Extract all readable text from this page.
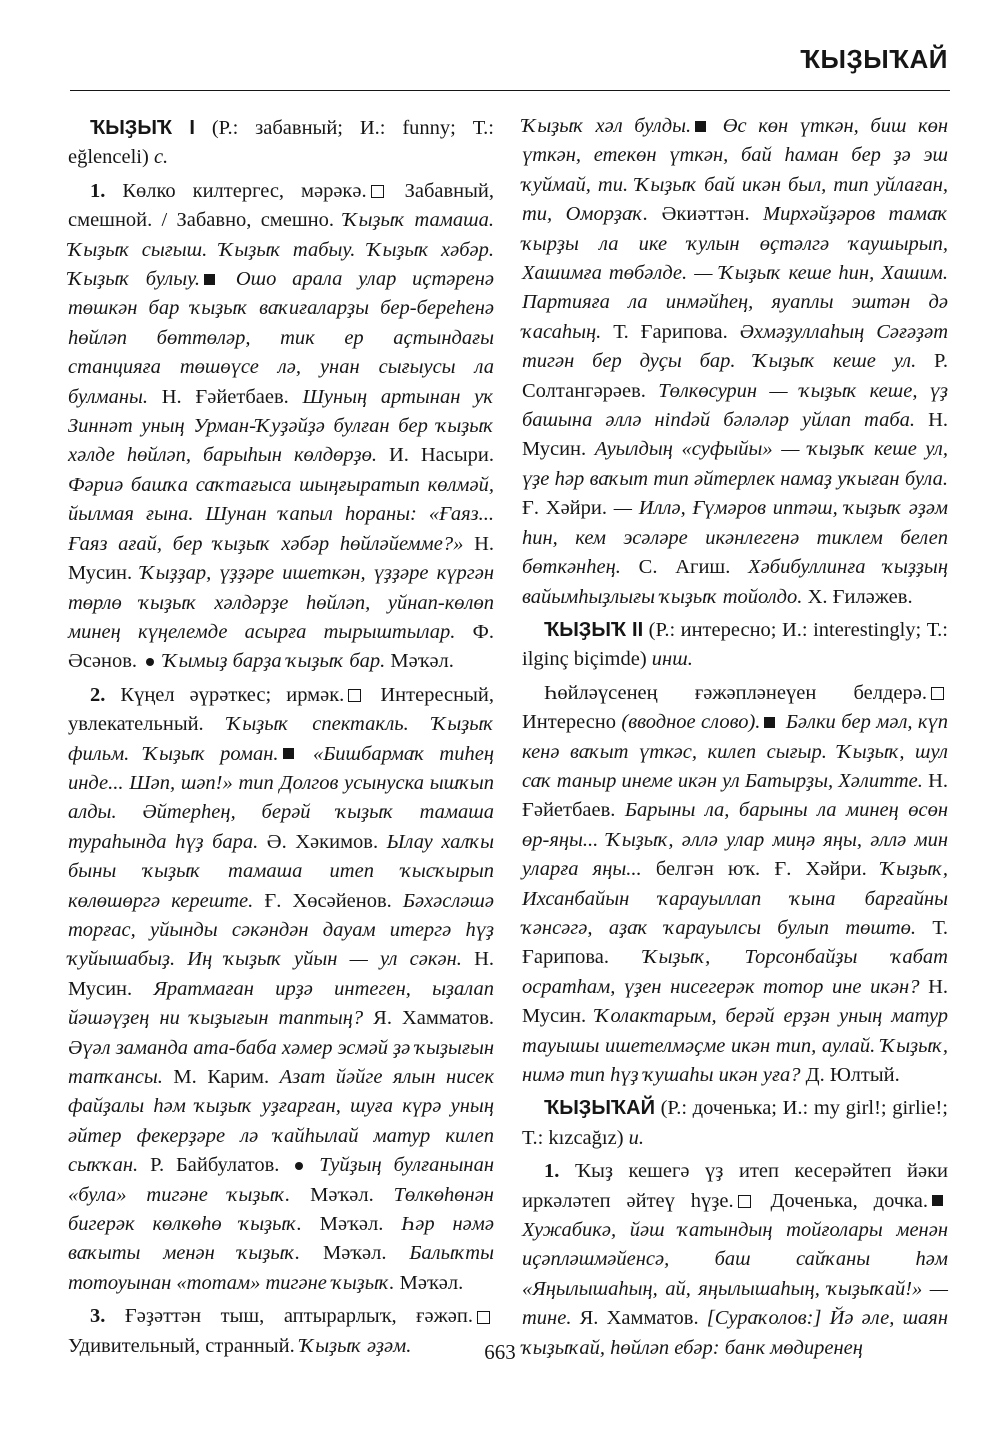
ҠЫҘЫҠАЙ

ҠЫҘЫҠ I (Р.: забавный; И.: funny; Т.: eğlenceli) с.

1. Көлко килтергес, мәрәкә. Забавный, смешной. / Забавно, смешно. Ҡыҙыҡ тамаша. Ҡыҙыҡ сығыш. Ҡыҙыҡ табыу. Ҡыҙыҡ хәбәр. Ҡыҙыҡ булыу. Ошо арала улар иҫтәренә төшкән бар ҡыҙыҡ ваҡиғаларҙы бер-береһенә һөйләп бөттөләр, тик ер аҫтындағы станцияға төшөүсе лә, унан сығыусы ла булманы. Н. Ғәйетбаев. Шуның артынан уҡ Зиннәт уның Урман-Ҡуҙәйҙә булған бер ҡыҙыҡ хәлде һөйләп, барыһын көлдөрҙө. И. Насыри. Фәриә башҡа саҡтағыса шыңғыратып көлмәй, йылмая ғына. Шунан ҡапыл һораны: «Ғаяз... Ғаяз ағай, бер ҡыҙыҡ хәбәр һөйләйемме?» Н. Мусин. Ҡыҙҙар, үҙҙәре ишеткән, үҙҙәре күргән төрлө ҡыҙыҡ хәлдәрҙе һөйләп, уйнап-көлөп минең күңелемде асырға тырыштылар. Ф. Әсәнов.  Ҡымыҙ барҙа ҡыҙыҡ бар. Мәҡәл.

2. Күңел әүрәткес; ирмәк. Интересный, увлекательный. Ҡыҙыҡ спектакль. Ҡыҙыҡ фильм. Ҡыҙыҡ роман. «Бишбармаҡ тиһең инде... Шәп, шәп!» тип Долгов усынуска ышҡып алды. Әйтерһең, берәй ҡыҙыҡ тамаша тураһында һүҙ бара. Ә. Хәкимов. Ылау халҡы быны ҡыҙыҡ тамаша итеп ҡысҡырып көлөшөргә кереште. Ғ. Хөсәйенов. Бәхәсләшә торғас, уйынды сәкәндән дауам итергә һүҙ ҡуйышабыҙ. Иң ҡыҙыҡ уйын — ул сәкән. Н. Мусин. Яратмаған ирҙә интеген, ыҙалап йәшәүҙең ни ҡыҙығын таптың? Я. Хамматов. Әүәл заманда ата-баба хәмер эсмәй ҙә ҡыҙығын тапҡансы. М. Карим. Азат йәйге ялын нисек файҙалы һәм ҡыҙыҡ уҙғарған, шуға күрә уның әйтер фекерҙәре лә ҡайһылай матур килеп сыҡҡан. Р. Байбулатов.  Туйҙың булғанынан «була» тигәне ҡыҙыҡ. Мәҡәл. Төлкөһөнән бигерәк көлкөһө ҡыҙыҡ. Мәҡәл. Һәр нәмә ваҡыты менән ҡыҙыҡ. Мәҡәл. Балыҡты тотоуынан «тотам» тигәне ҡыҙыҡ. Мәҡәл.

3. Ғәҙәттән тыш, аптырарлыҡ, ғәжәп. Удивительный, странный. Ҡыҙыҡ әҙәм.

Ҡыҙыҡ хәл булды. Өс көн үткән, биш көн үткән, етекөн үткән, бай һаман бер ҙә эш ҡуймай, ти. Ҡыҙыҡ бай икән был, тип уйлаған, ти, Оморҙаҡ. Әкиәттән. Мирхәйҙәров тамаҡ ҡырҙы ла ике ҡулын өҫтәлгә ҡаушырып, Хашимға төбәлде. — Ҡыҙыҡ кеше һин, Хашим. Партияға ла инмәйһең, яуаплы эштән дә ҡасаһың. Т. Ғарипова. Әхмәҙуллаһың Сәғәҙәт тигән бер дуҫы бар. Ҡыҙыҡ кеше ул. Р. Солтангәрәев. Төлкөсурин — ҡыҙыҡ кеше, үҙ башына әллә нindәй бәләләр уйлап таба. Н. Мусин. Ауылдың «суфыйы» — ҡыҙыҡ кеше ул, үҙе һәр ваҡыт тип әйтерлек намаҙ уҡыған була. Ғ. Хәйри. — Иллә, Ғүмәров иптәш, ҡыҙыҡ әҙәм һин, кем эсәләре икәнлегенә тиклем белеп бөткәнһең. С. Агиш. Хәбибуллинға ҡыҙҙың вайымһыҙлығы ҡыҙыҡ тойолдо. Х. Ғиләжев.

ҠЫҘЫҠ II (Р.: интересно; И.: interestingly; Т.: ilginç biçimde) инш.

Һөйләүсенең ғәжәпләнеүен белдерә. Интересно (вводное слово). Бәлки бер мәл, күп кенә ваҡыт үткәс, килеп сығыр. Ҡыҙыҡ, шул саҡ таныр инеме икән ул Батырҙы, Хәлитте. Н. Ғәйетбаев. Барыны ла, барыны ла минең өсөн өр-яңы... Ҡыҙыҡ, әллә улар миңә яңы, әллә мин уларға яңы... белгән юҡ. Ғ. Хәйри. Ҡыҙыҡ, Ихсанбайын ҡарауыллап ҡына барғайны ҡәнсәгә, аҙаҡ ҡарауылсы булып төштө. Т. Ғарипова. Ҡыҙыҡ, Торсонбайҙы ҡабат осратһам, үҙен нисегерәк тотор ине икән? Н. Мусин. Ҡолактарым, берәй ерҙән уның матур тауышы ишетелмәҫме икән тип, аулай. Ҡыҙыҡ, нимә тип һүҙ ҡушаһы икән уға? Д. Юлтый.

ҠЫҘЫҠАЙ (Р.: доченька; И.: my girl!; girlie!; Т.: kızcağız) и.

1. Ҡыҙ кешегә үҙ итеп кесерәйтеп йәки иркәләтеп әйтеү һүҙе. Доченька, дочка. Хужабикә, йәш ҡатындың тойғолары менән иҫәпләшмәйенсә, баш сайҡаны һәм «Яңылышаһың, ай, яңылышаһың, ҡыҙыҡай!» — тине. Я. Хамматов. [Сураҡолов:] Йә әле, шаян ҡыҙыҡай, һөйләп ебәр: банк мөдиренең

663
